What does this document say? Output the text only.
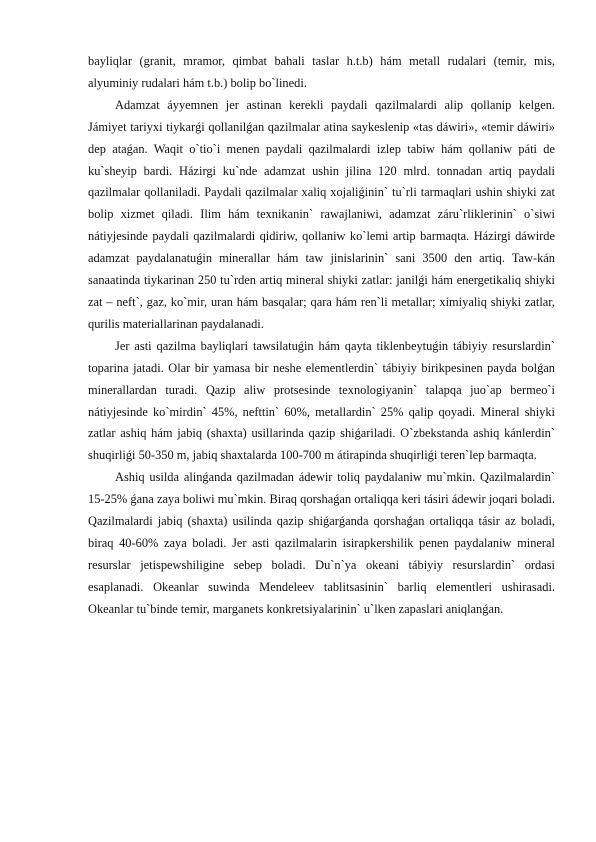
bayliqlar (granit, mramor, qimbat bahali taslar h.t.b) hám metall rudalari (temir, mis, alyuminiy rudalari hám t.b.) bolip bo`linedi.

Adamzat áyyemnen jer astinan kerekli paydali qazilmalardi alip qollanip kelgen. Jámiyet tariyxi tiykarǵi qollanilǵan qazilmalar atina saykeslenip «tas dáwiri», «temir dáwiri» dep ataǵan. Waqit o`tio`i menen paydali qazilmalardi izlep tabiw hám qollaniw páti de ku`sheyip bardi. Házirgi ku`nde adamzat ushin jilina 120 mlrd. tonnadan artiq paydali qazilmalar qollaniladi. Paydali qazilmalar xaliq xojaliǵinin` tu`rli tarmaqlari ushin shiyki zat bolip xizmet qiladi. Ilim hám texnikanin` rawajlaniwi, adamzat záru`rliklerinin` o`siwi nátiyjesinde paydali qazilmalardi qidiriw, qollaniw ko`lemi artip barmaqta. Házirgi dáwirde adamzat paydalanatuǵin minerallar hám taw jinislarinin` sani 3500 den artiq. Taw-kán sanaatinda tiykarinan 250 tu`rden artiq mineral shiyki zatlar: janilǵi hám energetikaliq shiyki zat – neft`, gaz, ko`mir, uran hám basqalar; qara hám ren`li metallar; ximiyaliq shiyki zatlar, qurilis materiallarinan paydalanadi.

Jer asti qazilma bayliqlari tawsilatuǵin hám qayta tiklenbeytuǵin tábiyiy resurslardin` toparina jatadi. Olar bir yamasa bir neshe elementlerdin` tábiyiy birikpesinen payda bolǵan minerallardan turadi. Qazip aliw protsesinde texnologiyanin` talapqa juo`ap bermeo`i nátiyjesinde ko`mirdin` 45%, nefttin` 60%, metallardin` 25% qalip qoyadi. Mineral shiyki zatlar ashiq hám jabiq (shaxta) usillarinda qazip shiǵariladi. O`zbekstanda ashiq kánlerdin` shuqirliǵi 50-350 m, jabiq shaxtalarda 100-700 m átirapinda shuqirliǵi teren`lep barmaqta.

Ashiq usilda alinǵanda qazilmadan ádewir toliq paydalaniw mu`mkin. Qazilmalardin` 15-25% ǵana zaya boliwi mu`mkin. Biraq qorshaǵan ortaliqqa keri tásiri ádewir joqari boladi. Qazilmalardi jabiq (shaxta) usilinda qazip shiǵarǵanda qorshaǵan ortaliqqa tásir az boladi, biraq 40-60% zaya boladi. Jer asti qazilmalarin isirapkershilik penen paydalaniw mineral resurslar jetispewshiligine sebep boladi. Du`n`ya okeani tábiyiy resurslardin` ordasi esaplanadi. Okeanlar suwinda Mendeleev tablitsasinin` barliq elementleri ushirasadi. Okeanlar tu`binde temir, marganets konkretsiyalarinin` u`lken zapaslari aniqlanǵan.
